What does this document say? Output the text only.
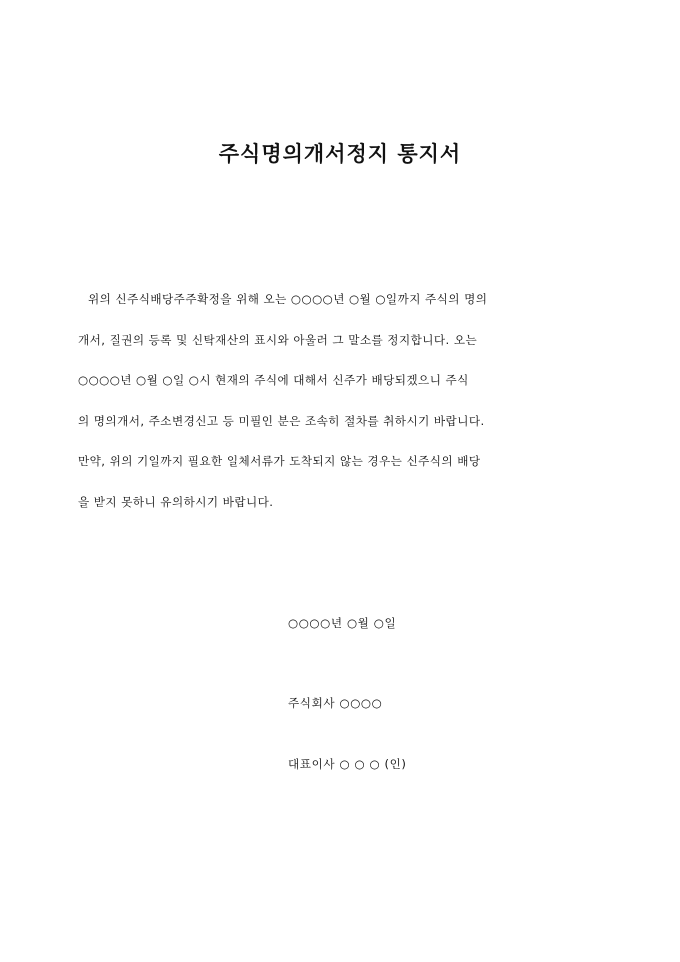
주식명의개서정지 통지서
위의 신주식배당주주확정을 위해 오는 ○○○○년 ○월 ○일까지 주식의 명의
개서, 질권의 등록 및 신탁재산의 표시와 아울러 그 말소를 정지합니다. 오는
○○○○년 ○월 ○일 ○시 현재의 주식에 대해서 신주가 배당되겠으니 주식
의 명의개서, 주소변경신고 등 미필인 분은 조속히 절차를 취하시기 바랍니다.
만약, 위의 기일까지 필요한 일체서류가 도착되지 않는 경우는 신주식의 배당
을 받지 못하니 유의하시기 바랍니다.
○○○○년 ○월 ○일
주식회사 ○○○○
대표이사 ○ ○ ○ (인)
